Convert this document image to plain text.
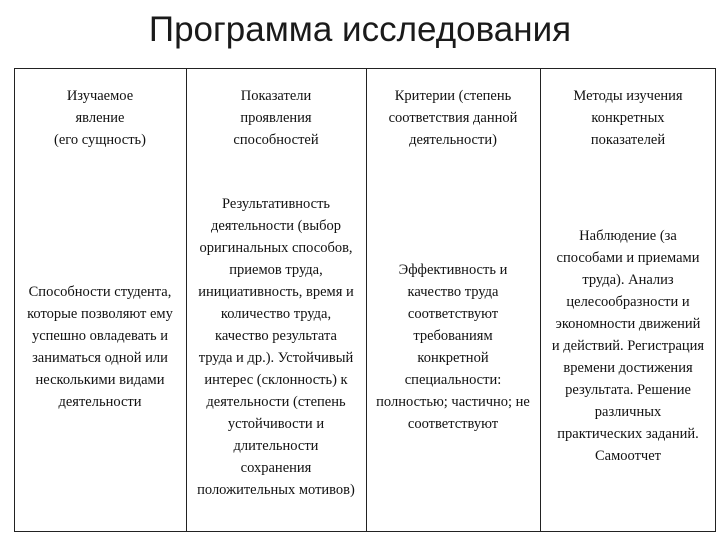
Программа исследования
Изучаемое
явление
(его сущность)
Показатели
проявления
способностей
Критерии (степень
соответствия данной
деятельности)
Методы изучения
конкретных
показателей
Способности студента,
которые позволяют ему
успешно овладевать и
заниматься одной или
несколькими видами
деятельности
Результативность
деятельности (выбор
оригинальных способов,
приемов труда,
инициативность, время и
количество труда,
качество результата
труда и др.). Устойчивый
интерес (склонность) к
деятельности (степень
устойчивости и
длительности
сохранения
положительных мотивов)
Эффективность и
качество труда
соответствуют
требованиям
конкретной
специальности:
полностью; частично; не
соответствуют
Наблюдение (за
способами и приемами
труда). Анализ
целесообразности и
экономности движений
и действий. Регистрация
времени достижения
результата. Решение
различных
практических заданий.
Самоотчет
